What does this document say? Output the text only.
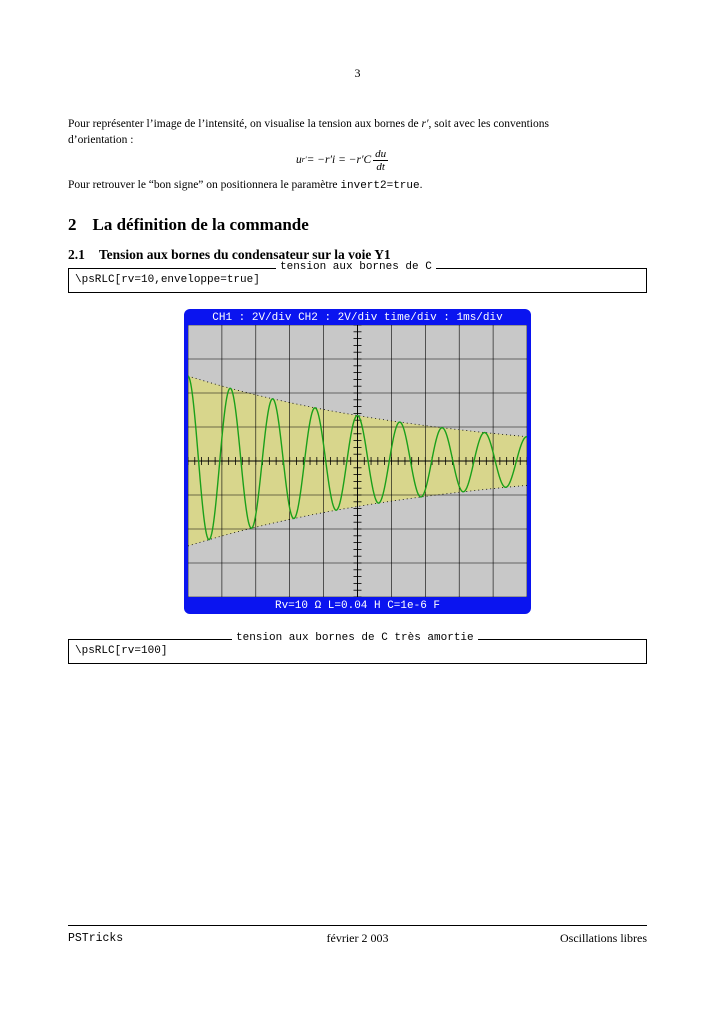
3
Pour représenter l’image de l’intensité, on visualise la tension aux bornes de r′, soit avec les conventions
d’orientation :
u $r' = -r'i = -r'C \frac{du}{dt}$
Pour retrouver le “bon signe” on positionnera le paramètre invert2=true.
2 La définition de la commande
2.1 Tension aux bornes du condensateur sur la voie Y1
\psRLC[rv=10,enveloppe=true]
tension aux bornes de C
CH1 : 2V/div CH2 : 2V/div time/div : 1ms/div
Rv=10 Ω L=0.04 H C=1e-6 F
\psRLC[rv=100]
tension aux bornes de C très amortie
PSTricks	février 2 003	Oscillations libres
